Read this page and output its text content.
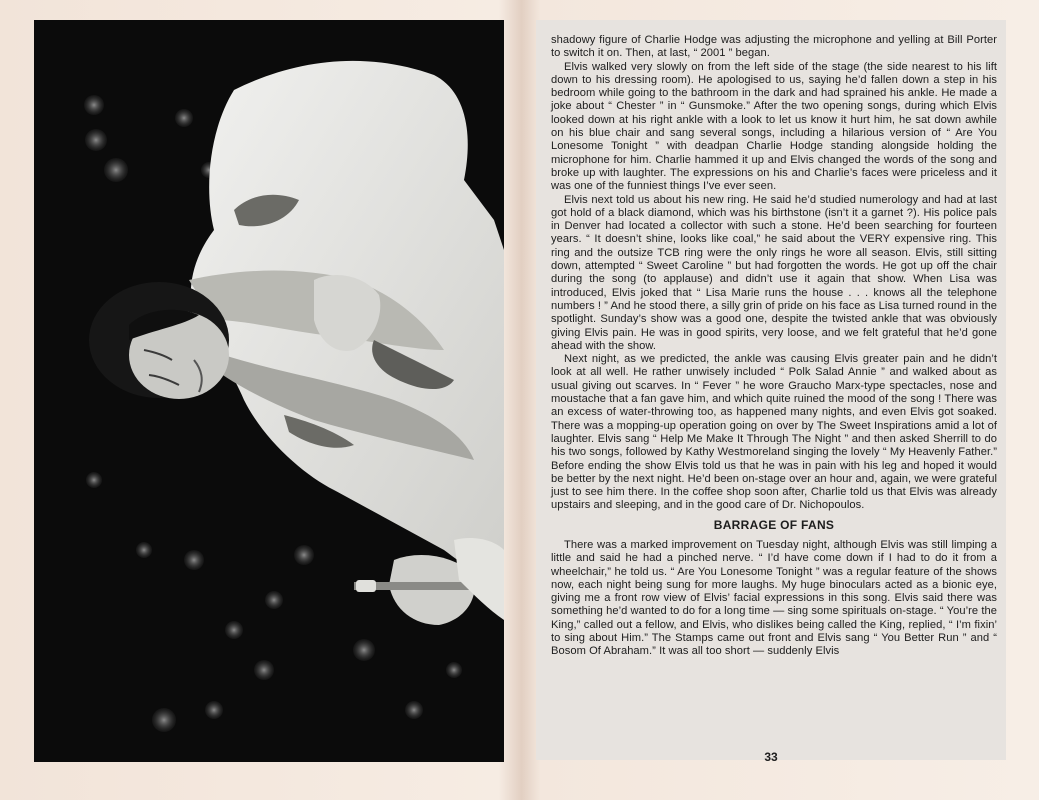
shadowy figure of Charlie Hodge was adjusting the microphone and yelling at Bill Porter to switch it on. Then, at last, “ 2001 ” began.

Elvis walked very slowly on from the left side of the stage (the side nearest to his lift down to his dressing room). He apologised to us, saying he’d fallen down a step in his bedroom while going to the bathroom in the dark and had sprained his ankle. He made a joke about “ Chester ” in “ Gunsmoke.” After the two opening songs, during which Elvis looked down at his right ankle with a look to let us know it hurt him, he sat down awhile on his blue chair and sang several songs, including a hilarious version of “ Are You Lonesome Tonight ” with deadpan Charlie Hodge standing alongside holding the microphone for him. Charlie hammed it up and Elvis changed the words of the song and broke up with laughter. The expressions on his and Charlie’s faces were priceless and it was one of the funniest things I’ve ever seen.

Elvis next told us about his new ring. He said he’d studied numerology and had at last got hold of a black diamond, which was his birthstone (isn’t it a garnet ?). His police pals in Denver had located a collector with such a stone. He’d been searching for fourteen years. “ It doesn’t shine, looks like coal,” he said about the VERY expensive ring. This ring and the outsize TCB ring were the only rings he wore all season. Elvis, still sitting down, attempted “ Sweet Caroline ” but had forgotten the words. He got up off the chair during the song (to applause) and didn’t use it again that show. When Lisa was introduced, Elvis joked that “ Lisa Marie runs the house . . . knows all the telephone numbers ! ” And he stood there, a silly grin of pride on his face as Lisa turned round in the spotlight. Sunday’s show was a good one, despite the twisted ankle that was obviously giving Elvis pain. He was in good spirits, very loose, and we felt grateful that he’d gone ahead with the show.

Next night, as we predicted, the ankle was causing Elvis greater pain and he didn’t look at all well. He rather unwisely included “ Polk Salad Annie ” and walked about as usual giving out scarves. In “ Fever ” he wore Graucho Marx-type spectacles, nose and moustache that a fan gave him, and which quite ruined the mood of the song ! There was an excess of water-throwing too, as happened many nights, and even Elvis got soaked. There was a mopping-up operation going on over by The Sweet Inspirations amid a lot of laughter. Elvis sang “ Help Me Make It Through The Night ” and then asked Sherrill to do his two songs, followed by Kathy Westmoreland singing the lovely “ My Heavenly Father.” Before ending the show Elvis told us that he was in pain with his leg and hoped it would be better by the next night. He’d been on-stage over an hour and, again, we were grateful just to see him there. In the coffee shop soon after, Charlie told us that Elvis was already upstairs and sleeping, and in the good care of Dr. Nichopoulos.

BARRAGE OF FANS

There was a marked improvement on Tuesday night, although Elvis was still limping a little and said he had a pinched nerve. “ I’d have come down if I had to do it from a wheelchair,” he told us. “ Are You Lonesome Tonight ” was a regular feature of the shows now, each night being sung for more laughs. My huge binoculars acted as a bionic eye, giving me a front row view of Elvis’ facial expressions in this song. Elvis said there was something he’d wanted to do for a long time — sing some spirituals on-stage. “ You’re the King,” called out a fellow, and Elvis, who dislikes being called the King, replied, “ I’m fixin’ to sing about Him.” The Stamps came out front and Elvis sang “ You Better Run ” and “ Bosom Of Abraham.” It was all too short — suddenly Elvis

33
